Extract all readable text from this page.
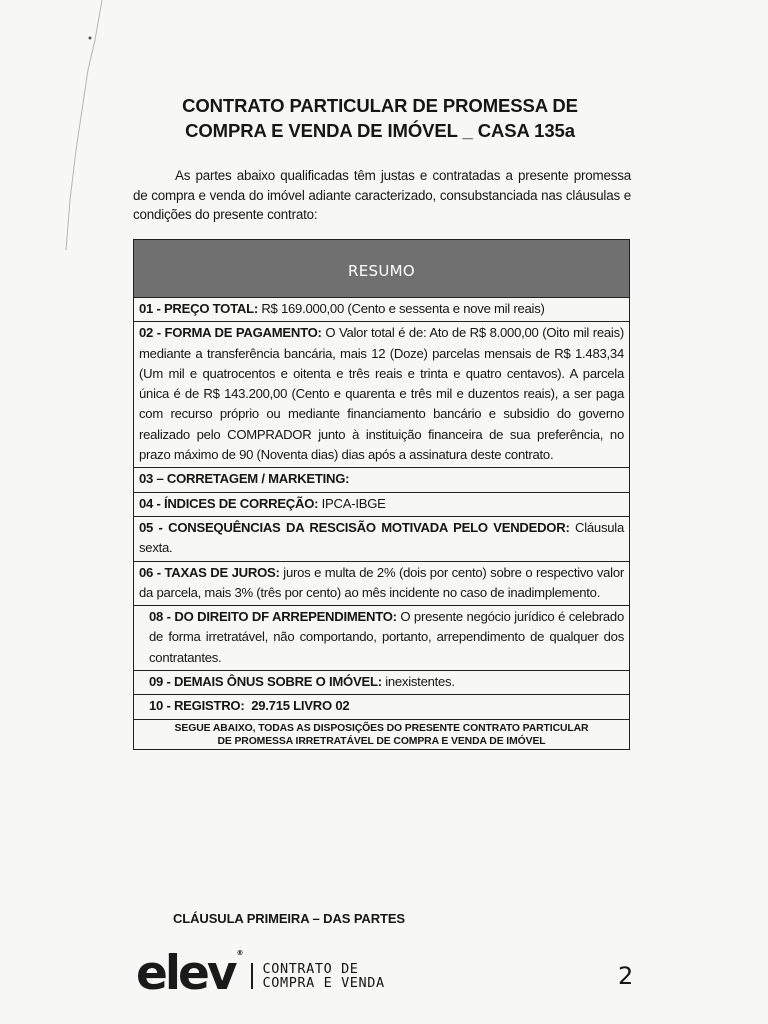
CONTRATO PARTICULAR DE PROMESSA DE
COMPRA E VENDA DE IMÓVEL _ CASA 135a
As partes abaixo qualificadas têm justas e contratadas a presente promessa de compra e venda do imóvel adiante caracterizado, consubstanciada nas cláusulas e condições do presente contrato:
RESUMO
01 - PREÇO TOTAL: R$ 169.000,00 (Cento e sessenta e nove mil reais)
02 - FORMA DE PAGAMENTO: O Valor total é de: Ato de R$ 8.000,00 (Oito mil reais) mediante a transferência bancária, mais 12 (Doze) parcelas mensais de R$ 1.483,34 (Um mil e quatrocentos e oitenta e três reais e trinta e quatro centavos). A parcela única é de R$ 143.200,00 (Cento e quarenta e três mil e duzentos reais), a ser paga com recurso próprio ou mediante financiamento bancário e subsidio do governo realizado pelo COMPRADOR junto à instituição financeira de sua preferência, no prazo máximo de 90 (Noventa dias) dias após a assinatura deste contrato.
03 – CORRETAGEM / MARKETING:
04 - ÍNDICES DE CORREÇÃO: IPCA-IBGE
05 - CONSEQUÊNCIAS DA RESCISÃO MOTIVADA PELO VENDEDOR: Cláusula sexta.
06 - TAXAS DE JUROS: juros e multa de 2% (dois por cento) sobre o respectivo valor da parcela, mais 3% (três por cento) ao mês incidente no caso de inadimplemento.
08 - DO DIREITO DF ARREPENDIMENTO: O presente negócio jurídico é celebrado de forma irretratável, não comportando, portanto, arrependimento de qualquer dos contratantes.
09 - DEMAIS ÔNUS SOBRE O IMÓVEL: inexistentes.
10 - REGISTRO:  29.715 LIVRO 02
SEGUE ABAIXO, TODAS AS DISPOSIÇÕES DO PRESENTE CONTRATO PARTICULAR
DE PROMESSA IRRETRATÁVEL DE COMPRA E VENDA DE IMÓVEL
CLÁUSULA PRIMEIRA – DAS PARTES
elev ®
CONTRATO DE
COMPRA E VENDA	2
